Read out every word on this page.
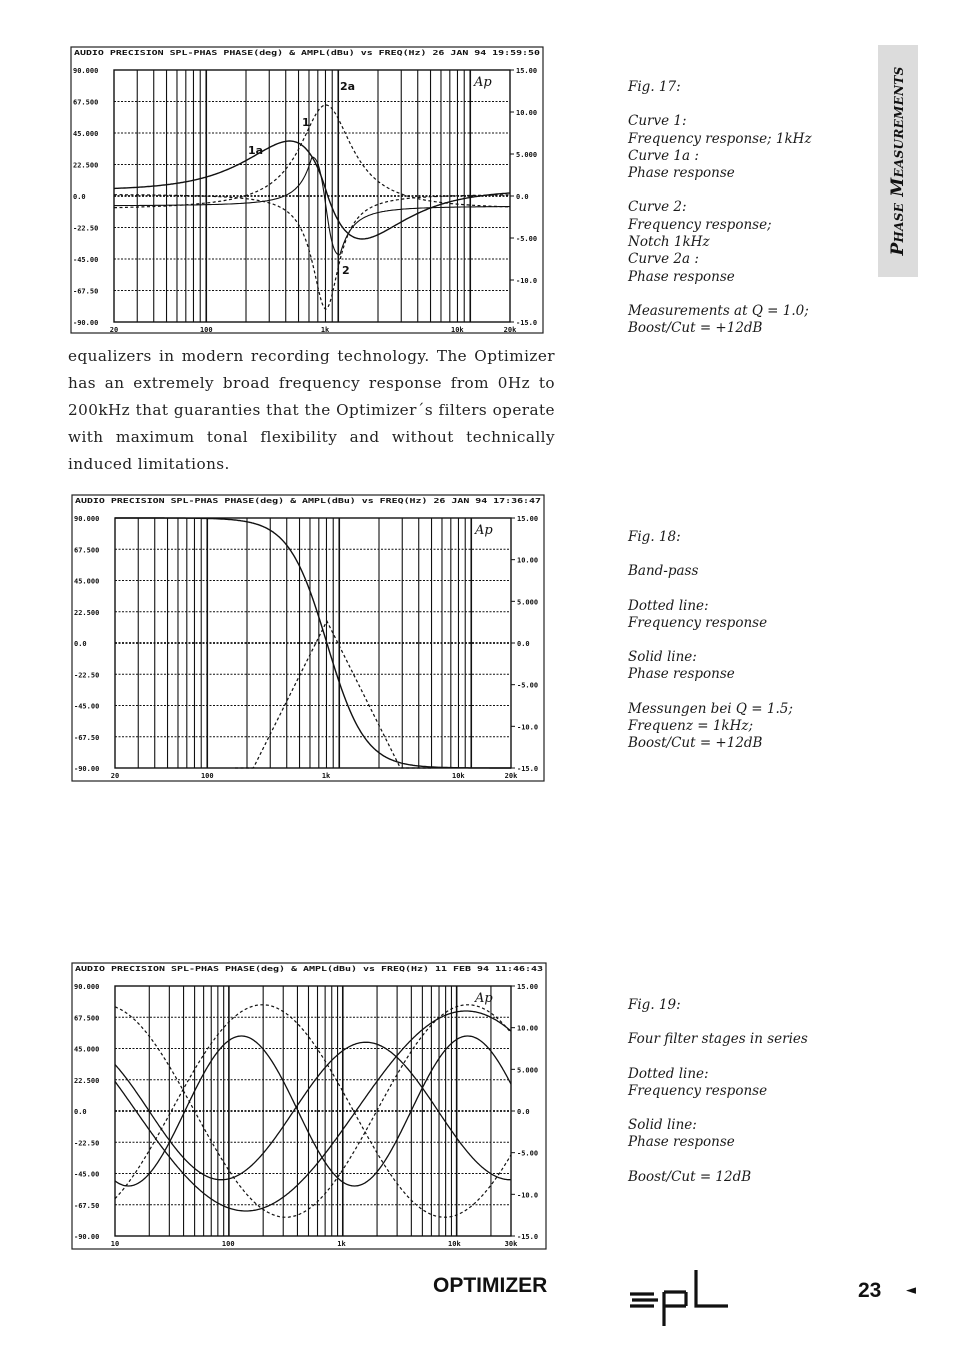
AUDIO PRECISION SPL-PHAS PHASE(deg) & AMPL(dBu) vs FREQ(Hz) 26 JAN 94 19:59:50
90.000
67.500
45.000
22.500
0.0
-22.50
-45.00
-67.50
-90.00
15.00
10.00
5.000
0.0
-5.00
-10.0
-15.0
20	100	1k	10k	20k
Ap
1a
1
2a
2
AUDIO PRECISION SPL-PHAS PHASE(deg) & AMPL(dBu) vs FREQ(Hz) 26 JAN 94 17:36:47
90.000
67.500
45.000
22.500
0.0
-22.50
-45.00
-67.50
-90.00
15.00
10.00
5.000
0.0
-5.00
-10.0
-15.0
20	100	1k	10k	20k
Ap
AUDIO PRECISION SPL-PHAS PHASE(deg) & AMPL(dBu) vs FREQ(Hz) 11 FEB 94 11:46:43
90.000
67.500
45.000
22.500
0.0
-22.50
-45.00
-67.50
-90.00
15.00
10.00
5.000
0.0
-5.00
-10.0
-15.0
10	100	1k	10k	30k
Ap
equalizers in modern recording technology. The Optimizer has an extremely broad frequency response from 0Hz to 200kHz that guaranties that the Optimizer´s filters operate with maximum tonal flexibility and without technically induced limitations.

Fig. 17:

Curve 1:
Frequency response; 1kHz
Curve 1a :
Phase response

Curve 2:
Frequency response;
Notch 1kHz
Curve 2a :
Phase response

Measurements at Q = 1.0;
Boost/Cut = +12dB

Fig. 18:

Band-pass

Dotted line:
Frequency response

Solid line:
Phase response

Messungen bei Q = 1.5;
Frequenz = 1kHz;
Boost/Cut = +12dB

Fig. 19:

Four filter stages in series

Dotted line:
Frequency response

Solid line:
Phase response

Boost/Cut = 12dB

Phase Measurements
OPTIMIZER	23 ◄
